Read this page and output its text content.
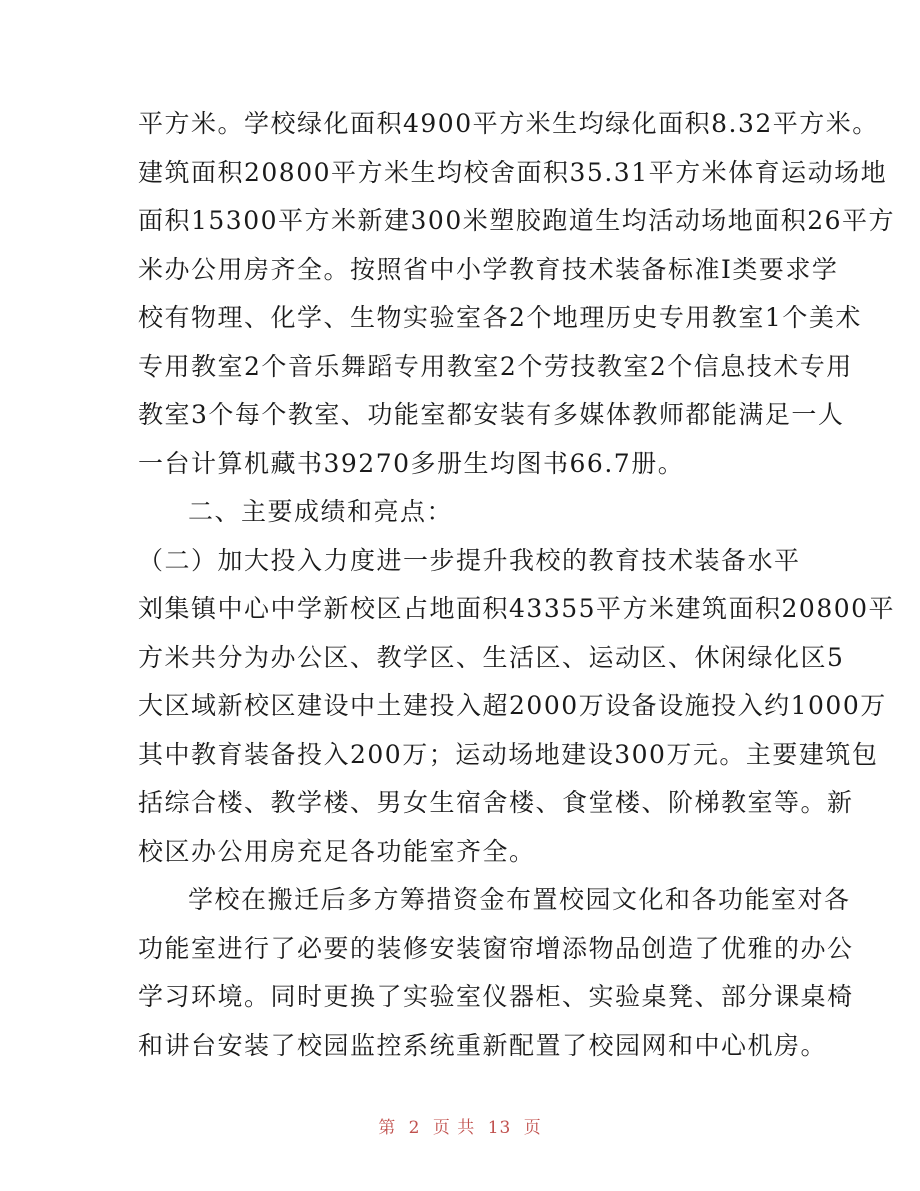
平方米。学校绿化面积4900平方米生均绿化面积8.32平方米。
建筑面积20800平方米生均校舍面积35.31平方米体育运动场地
面积15300平方米新建300米塑胶跑道生均活动场地面积26平方
米办公用房齐全。按照省中小学教育技术装备标准Ⅰ类要求学
校有物理、化学、生物实验室各2个地理历史专用教室1个美术
专用教室2个音乐舞蹈专用教室2个劳技教室2个信息技术专用
教室3个每个教室、功能室都安装有多媒体教师都能满足一人
一台计算机藏书39270多册生均图书66.7册。
二、主要成绩和亮点：
（二）加大投入力度进一步提升我校的教育技术装备水平
刘集镇中心中学新校区占地面积43355平方米建筑面积20800平
方米共分为办公区、教学区、生活区、运动区、休闲绿化区5
大区域新校区建设中土建投入超2000万设备设施投入约1000万
其中教育装备投入200万；运动场地建设300万元。主要建筑包
括综合楼、教学楼、男女生宿舍楼、食堂楼、阶梯教室等。新
校区办公用房充足各功能室齐全。
学校在搬迁后多方筹措资金布置校园文化和各功能室对各
功能室进行了必要的装修安装窗帘增添物品创造了优雅的办公
学习环境。同时更换了实验室仪器柜、实验桌凳、部分课桌椅
和讲台安装了校园监控系统重新配置了校园网和中心机房。
第 2 页 共 13 页
